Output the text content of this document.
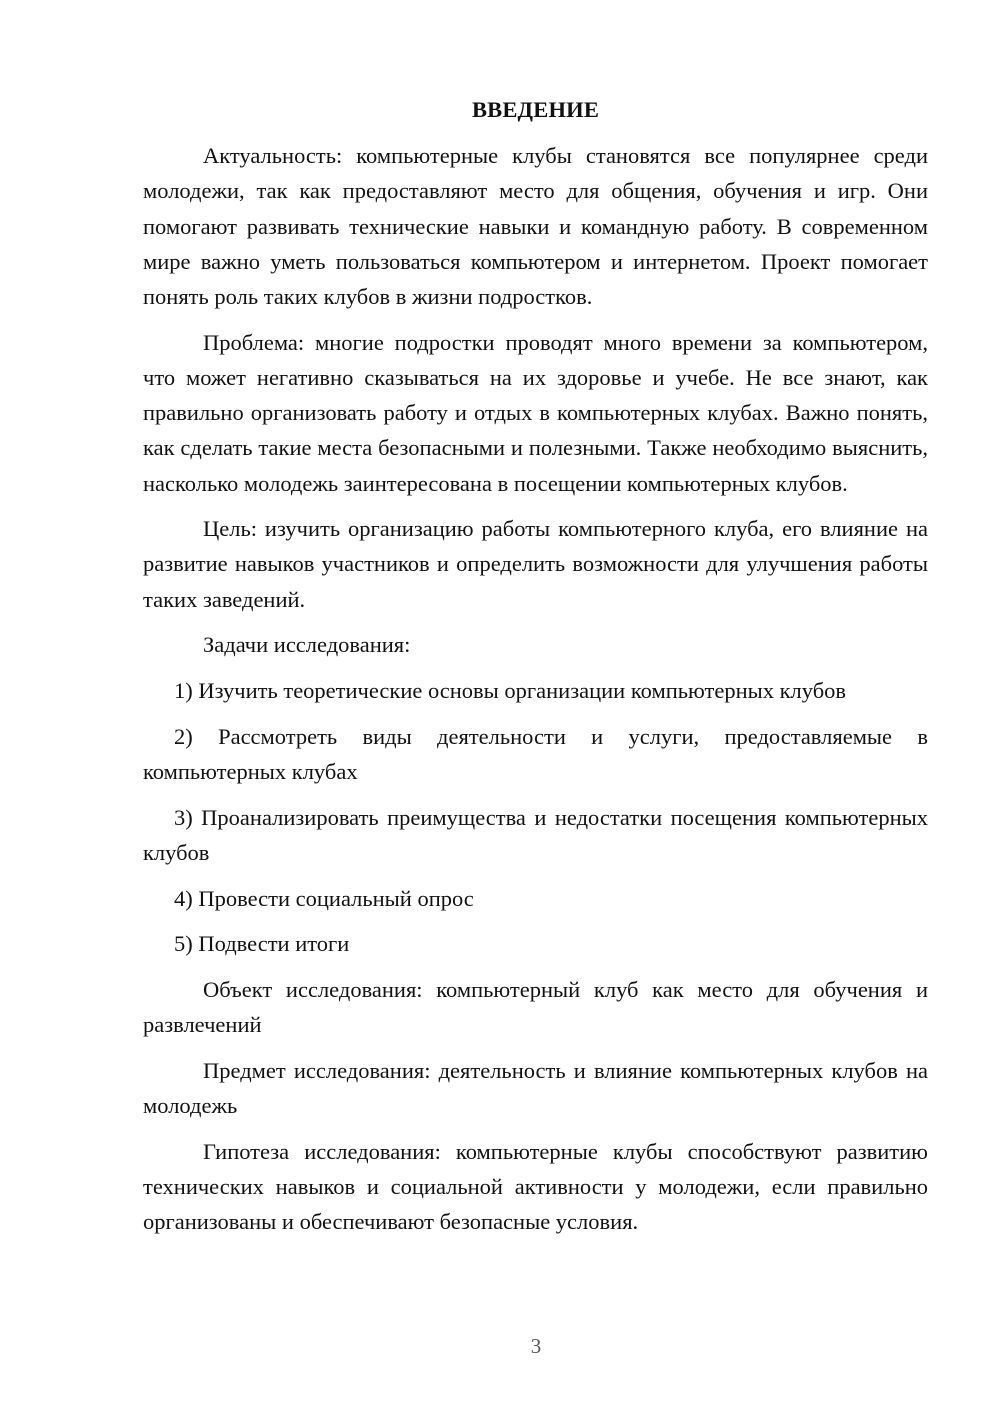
ВВЕДЕНИЕ

Актуальность: компьютерные клубы становятся все популярнее среди молодежи, так как предоставляют место для общения, обучения и игр. Они помогают развивать технические навыки и командную работу. В современном мире важно уметь пользоваться компьютером и интернетом. Проект помогает понять роль таких клубов в жизни подростков.

Проблема: многие подростки проводят много времени за компьютером, что может негативно сказываться на их здоровье и учебе. Не все знают, как правильно организовать работу и отдых в компьютерных клубах. Важно понять, как сделать такие места безопасными и полезными. Также необходимо выяснить, насколько молодежь заинтересована в посещении компьютерных клубов.

Цель: изучить организацию работы компьютерного клуба, его влияние на развитие навыков участников и определить возможности для улучшения работы таких заведений.

Задачи исследования:

1) Изучить теоретические основы организации компьютерных клубов

2) Рассмотреть виды деятельности и услуги, предоставляемые в компьютерных клубах

3) Проанализировать преимущества и недостатки посещения компьютерных клубов

4) Провести социальный опрос

5) Подвести итоги

Объект исследования: компьютерный клуб как место для обучения и развлечений

Предмет исследования: деятельность и влияние компьютерных клубов на молодежь

Гипотеза исследования: компьютерные клубы способствуют развитию технических навыков и социальной активности у молодежи, если правильно организованы и обеспечивают безопасные условия.

3
